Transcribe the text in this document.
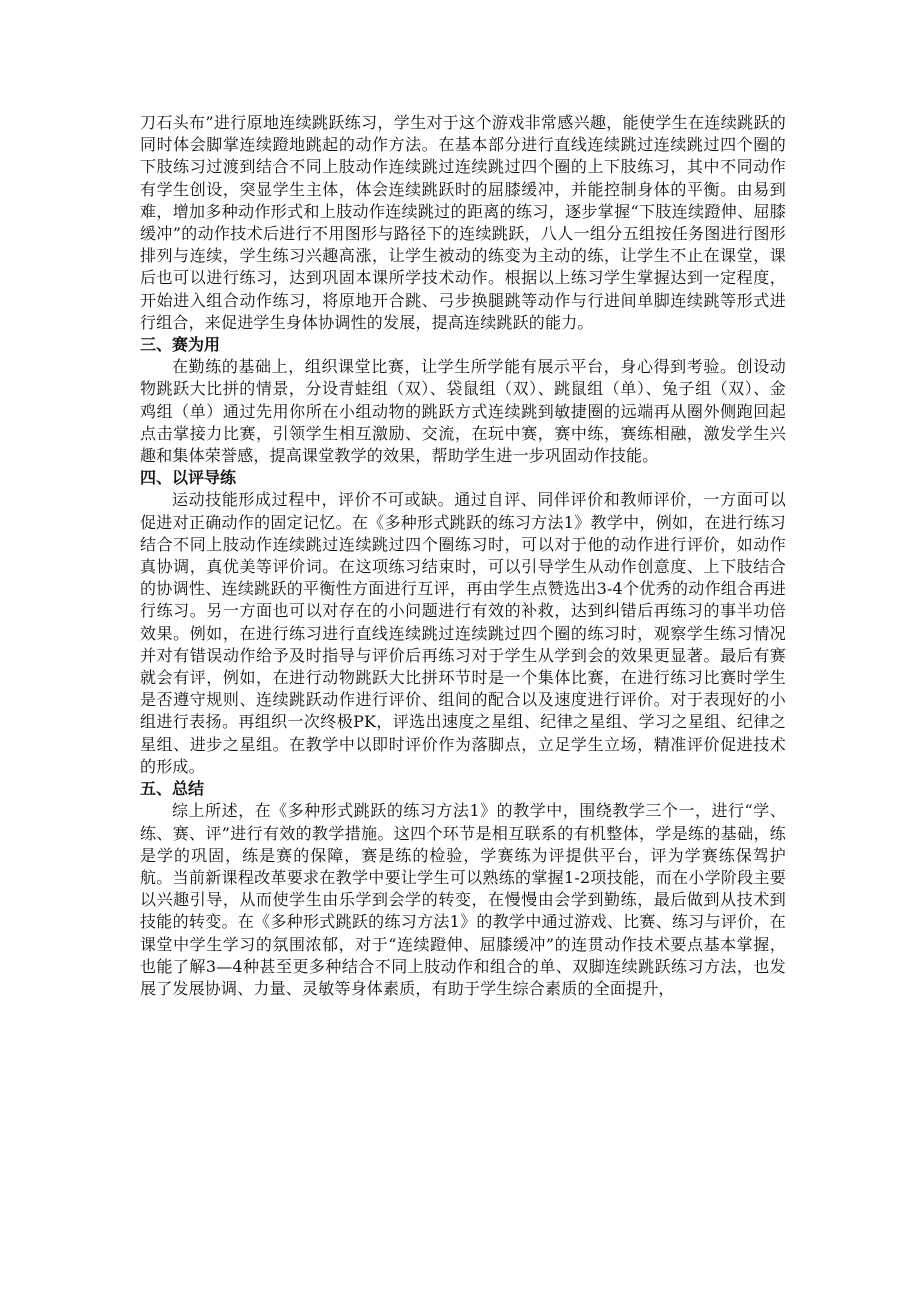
刀石头布”进行原地连续跳跃练习，学生对于这个游戏非常感兴趣，能使学生在连续跳跃的同时体会脚掌连续蹬地跳起的动作方法。在基本部分进行直线连续跳过连续跳过四个圈的下肢练习过渡到结合不同上肢动作连续跳过连续跳过四个圈的上下肢练习，其中不同动作有学生创设，突显学生主体，体会连续跳跃时的屈膝缓冲，并能控制身体的平衡。由易到难，增加多种动作形式和上肢动作连续跳过的距离的练习，逐步掌握“下肢连续蹬伸、屈膝缓冲”的动作技术后进行不用图形与路径下的连续跳跃，八人一组分五组按任务图进行图形排列与连续，学生练习兴趣高涨，让学生被动的练变为主动的练，让学生不止在课堂，课后也可以进行练习，达到巩固本课所学技术动作。根据以上练习学生掌握达到一定程度，开始进入组合动作练习，将原地开合跳、弓步换腿跳等动作与行进间单脚连续跳等形式进行组合，来促进学生身体协调性的发展，提高连续跳跃的能力。

三、赛为用

在勤练的基础上，组织课堂比赛，让学生所学能有展示平台，身心得到考验。创设动物跳跃大比拼的情景，分设青蛙组（双）、袋鼠组（双）、跳鼠组（单）、兔子组（双）、金鸡组（单）通过先用你所在小组动物的跳跃方式连续跳到敏捷圈的远端再从圈外侧跑回起点击掌接力比赛，引领学生相互激励、交流，在玩中赛，赛中练，赛练相融，激发学生兴趣和集体荣誉感，提高课堂教学的效果，帮助学生进一步巩固动作技能。

四、以评导练

运动技能形成过程中，评价不可或缺。通过自评、同伴评价和教师评价，一方面可以促进对正确动作的固定记忆。在《多种形式跳跃的练习方法1》教学中，例如，在进行练习结合不同上肢动作连续跳过连续跳过四个圈练习时，可以对于他的动作进行评价，如动作真协调，真优美等评价词。在这项练习结束时，可以引导学生从动作创意度、上下肢结合的协调性、连续跳跃的平衡性方面进行互评，再由学生点赞选出3-4个优秀的动作组合再进行练习。另一方面也可以对存在的小问题进行有效的补救，达到纠错后再练习的事半功倍效果。例如，在进行练习进行直线连续跳过连续跳过四个圈的练习时，观察学生练习情况并对有错误动作给予及时指导与评价后再练习对于学生从学到会的效果更显著。最后有赛就会有评，例如，在进行动物跳跃大比拼环节时是一个集体比赛，在进行练习比赛时学生是否遵守规则、连续跳跃动作进行评价、组间的配合以及速度进行评价。对于表现好的小组进行表扬。再组织一次终极PK，评选出速度之星组、纪律之星组、学习之星组、纪律之星组、进步之星组。在教学中以即时评价作为落脚点，立足学生立场，精准评价促进技术的形成。

五、总结

综上所述，在《多种形式跳跃的练习方法1》的教学中，围绕教学三个一，进行“学、练、赛、评”进行有效的教学措施。这四个环节是相互联系的有机整体，学是练的基础，练是学的巩固，练是赛的保障，赛是练的检验，学赛练为评提供平台，评为学赛练保驾护航。当前新课程改革要求在教学中要让学生可以熟练的掌握1-2项技能，而在小学阶段主要以兴趣引导，从而使学生由乐学到会学的转变，在慢慢由会学到勤练，最后做到从技术到技能的转变。在《多种形式跳跃的练习方法1》的教学中通过游戏、比赛、练习与评价，在课堂中学生学习的氛围浓郁，对于“连续蹬伸、屈膝缓冲”的连贯动作技术要点基本掌握，也能了解3—4种甚至更多种结合不同上肢动作和组合的单、双脚连续跳跃练习方法，也发展了发展协调、力量、灵敏等身体素质，有助于学生综合素质的全面提升，
